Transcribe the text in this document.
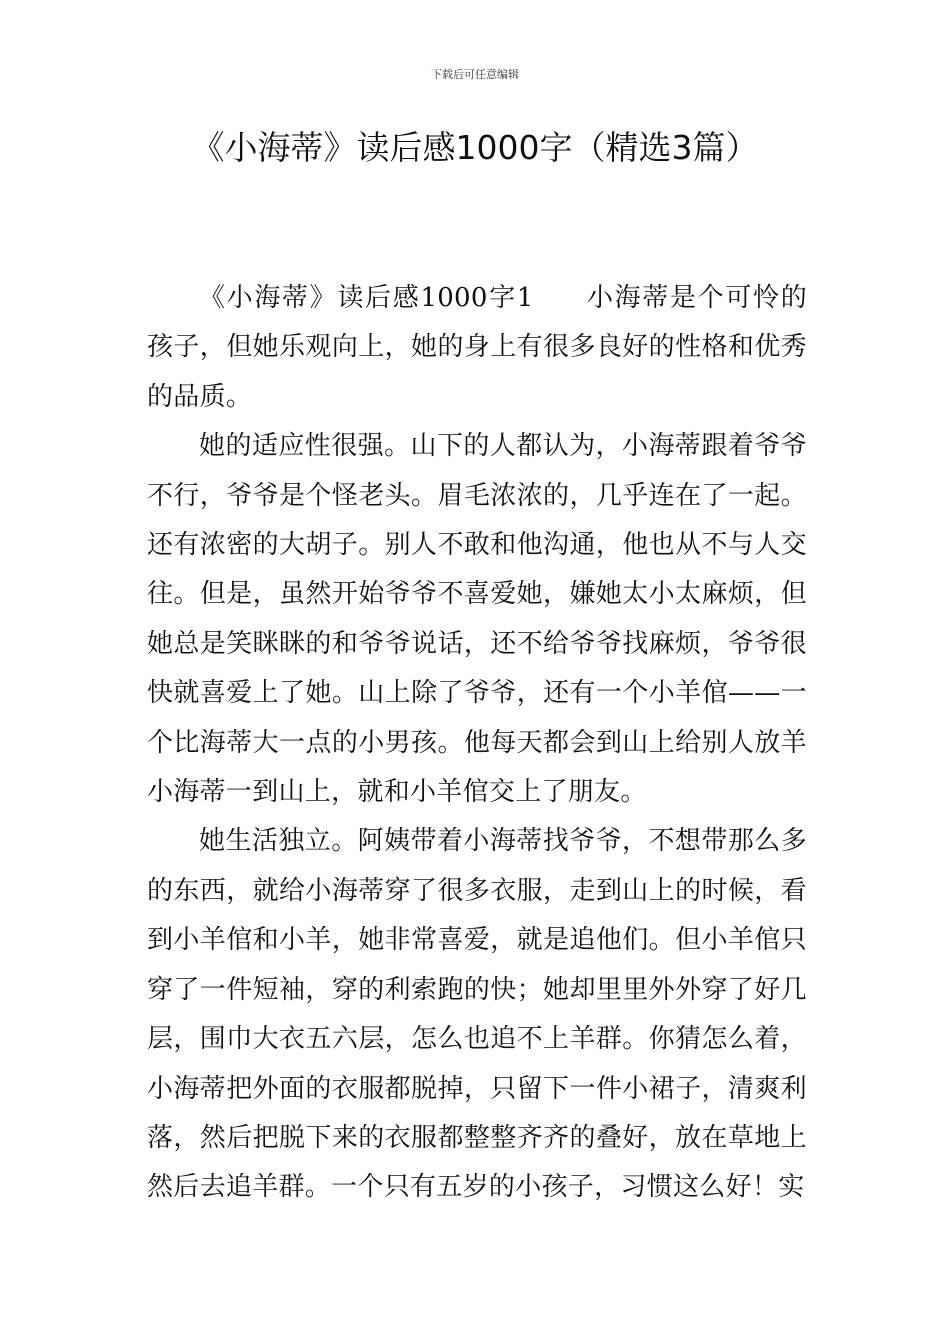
下载后可任意编辑
《小海蒂》读后感1000字（精选3篇）

《小海蒂》读后感1000字1 小海蒂是个可怜的孩子，但她乐观向上，她的身上有很多良好的性格和优秀的品质。

她的适应性很强。山下的人都认为，小海蒂跟着爷爷不行，爷爷是个怪老头。眉毛浓浓的，几乎连在了一起。还有浓密的大胡子。别人不敢和他沟通，他也从不与人交往。但是，虽然开始爷爷不喜爱她，嫌她太小太麻烦，但她总是笑眯眯的和爷爷说话，还不给爷爷找麻烦，爷爷很快就喜爱上了她。山上除了爷爷，还有一个小羊倌——一个比海蒂大一点的小男孩。他每天都会到山上给别人放羊小海蒂一到山上，就和小羊倌交上了朋友。

她生活独立。阿姨带着小海蒂找爷爷，不想带那么多的东西，就给小海蒂穿了很多衣服，走到山上的时候，看到小羊倌和小羊，她非常喜爱，就是追他们。但小羊倌只穿了一件短袖，穿的利索跑的快；她却里里外外穿了好几层，围巾大衣五六层，怎么也追不上羊群。你猜怎么着，小海蒂把外面的衣服都脱掉，只留下一件小裙子，清爽利落，然后把脱下来的衣服都整整齐齐的叠好，放在草地上然后去追羊群。一个只有五岁的小孩子，习惯这么好！实
